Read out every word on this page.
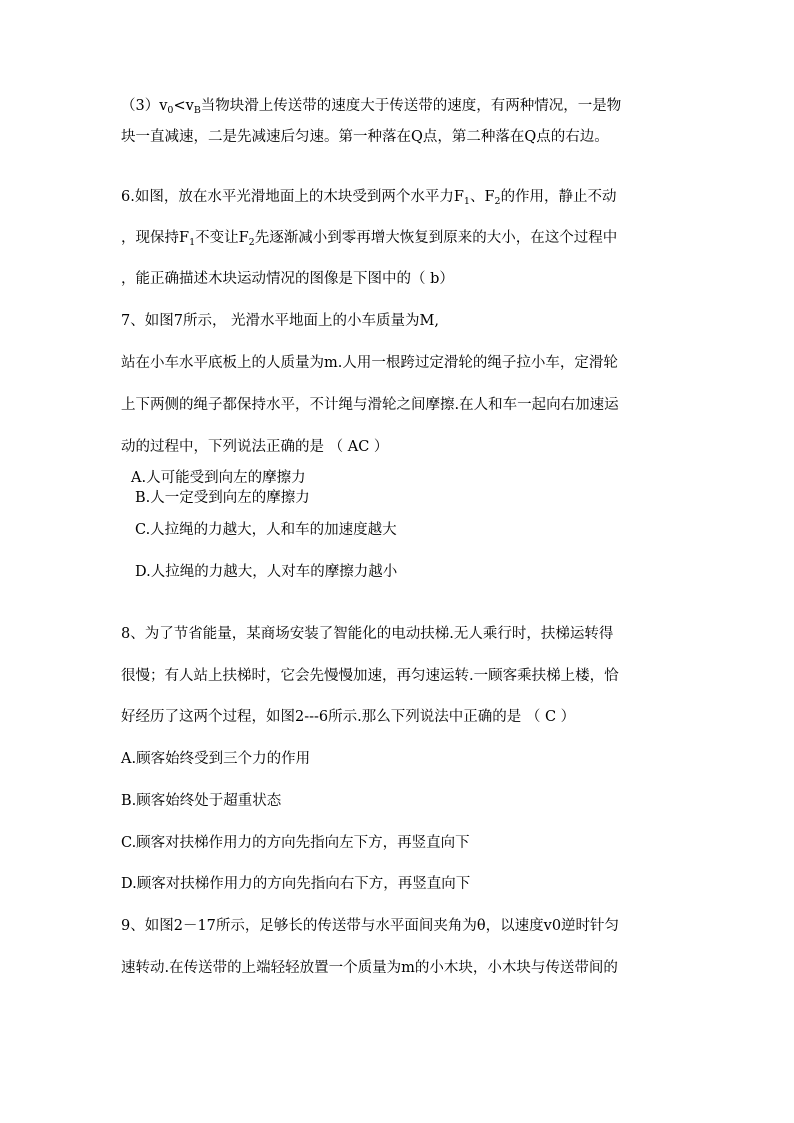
$(3)v_0<v_B$当物块滑上传送带的速度大于传送带的速度，有两种情况，一是物
块一直减速，二是先减速后匀速。第一种落在Q点，第二种落在Q点的右边。
6.如图，放在水平光滑地面上的木块受到两个水平力$F_1$、$F_2$的作用，静止不动
，现保持$F_1$不变让$F_2$先逐渐减小到零再增大恢复到原来的大小，在这个过程中
，能正确描述木块运动情况的图像是下图中的（ b）
7、如图7所示， 光滑水平地面上的小车质量为M,
站在小车水平底板上的人质量为m.人用一根跨过定滑轮的绳子拉小车，定滑轮
上下两侧的绳子都保持水平，不计绳与滑轮之间摩擦.在人和车一起向右加速运
动的过程中，下列说法正确的是 （ AC ）
A.人可能受到向左的摩擦力
B.人一定受到向左的摩擦力
C.人拉绳的力越大，人和车的加速度越大
D.人拉绳的力越大，人对车的摩擦力越小
8、为了节省能量，某商场安装了智能化的电动扶梯.无人乘行时，扶梯运转得
很慢；有人站上扶梯时，它会先慢慢加速，再匀速运转.一顾客乘扶梯上楼，恰
好经历了这两个过程，如图2---6所示.那么下列说法中正确的是 （ C ）
A.顾客始终受到三个力的作用
B.顾客始终处于超重状态
C.顾客对扶梯作用力的方向先指向左下方，再竖直向下
D.顾客对扶梯作用力的方向先指向右下方，再竖直向下
9、如图2－17所示，足够长的传送带与水平面间夹角为θ，以速度v0逆时针匀
速转动.在传送带的上端轻轻放置一个质量为m的小木块，小木块与传送带间的
